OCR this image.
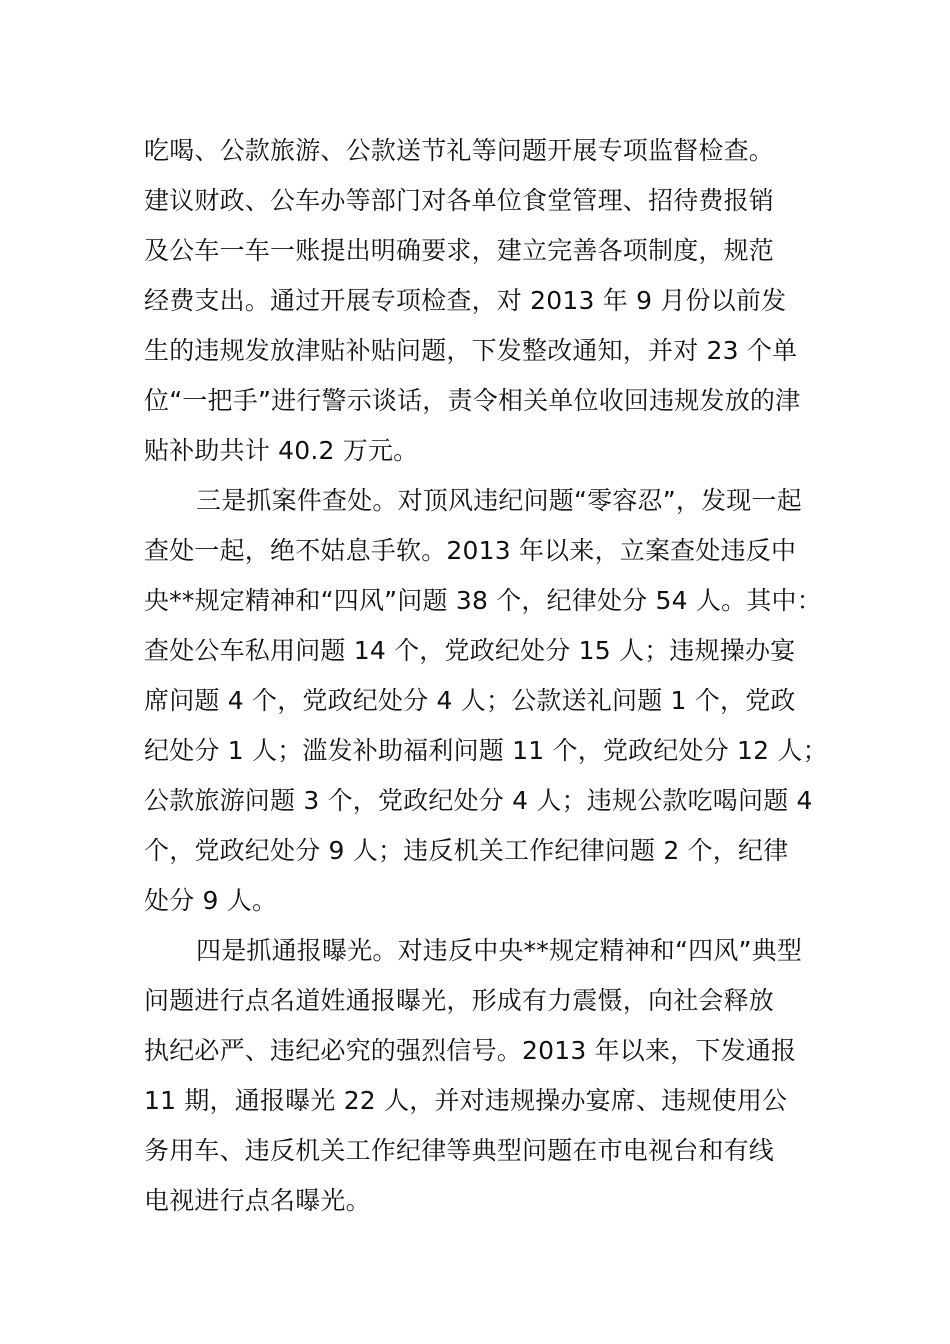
吃喝、公款旅游、公款送节礼等问题开展专项监督检查。
建议财政、公车办等部门对各单位食堂管理、招待费报销
及公车一车一账提出明确要求，建立完善各项制度，规范
经费支出。通过开展专项检查，对 2013 年 9 月份以前发
生的违规发放津贴补贴问题，下发整改通知，并对 23 个单
位“一把手”进行警示谈话，责令相关单位收回违规发放的津
贴补助共计 40.2 万元。
三是抓案件查处。对顶风违纪问题“零容忍”，发现一起
查处一起，绝不姑息手软。2013 年以来，立案查处违反中
央**规定精神和“四风”问题 38 个，纪律处分 54 人。其中：
查处公车私用问题 14 个，党政纪处分 15 人；违规操办宴
席问题 4 个，党政纪处分 4 人；公款送礼问题 1 个，党政
纪处分 1 人；滥发补助福利问题 11 个，党政纪处分 12 人；
公款旅游问题 3 个，党政纪处分 4 人；违规公款吃喝问题 4
个，党政纪处分 9 人；违反机关工作纪律问题 2 个，纪律
处分 9 人。
四是抓通报曝光。对违反中央**规定精神和“四风”典型
问题进行点名道姓通报曝光，形成有力震慑，向社会释放
执纪必严、违纪必究的强烈信号。2013 年以来，下发通报
11 期，通报曝光 22 人，并对违规操办宴席、违规使用公
务用车、违反机关工作纪律等典型问题在市电视台和有线
电视进行点名曝光。
